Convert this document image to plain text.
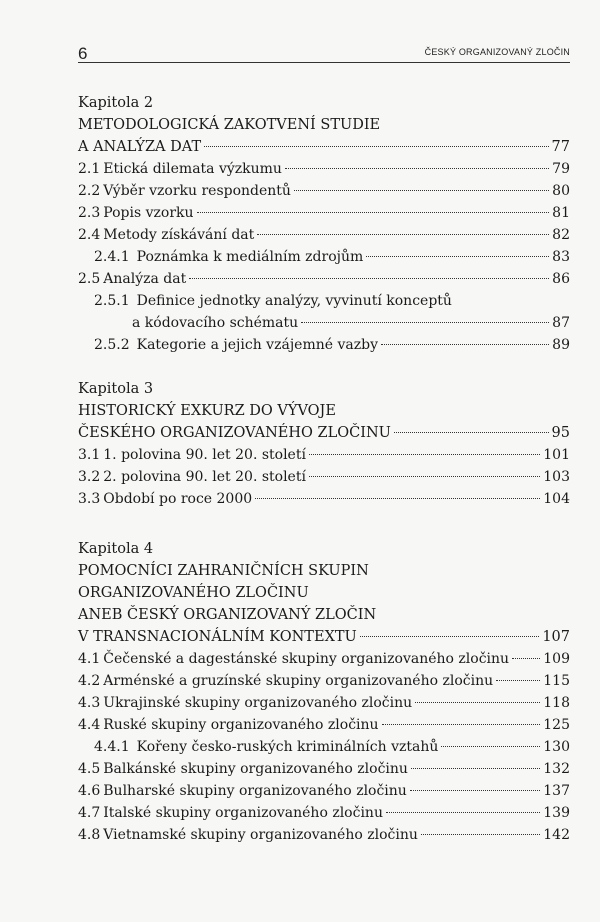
6	ČESKÝ ORGANIZOVANÝ ZLOČIN
Kapitola 2
METODOLOGICKÁ ZAKOTVENÍ STUDIE
A ANALÝZA DAT	77
2.1 Etická dilemata výzkumu	79
2.2 Výběr vzorku respondentů	80
2.3 Popis vzorku	81
2.4 Metody získávání dat	82
2.4.1 Poznámka k mediálním zdrojům	83
2.5 Analýza dat	86
2.5.1 Definice jednotky analýzy, vyvinutí konceptů
a kódovacího schématu	87
2.5.2 Kategorie a jejich vzájemné vazby	89
Kapitola 3
HISTORICKÝ EXKURZ DO VÝVOJE
ČESKÉHO ORGANIZOVANÉHO ZLOČINU	95
3.1 1. polovina 90. let 20. století	101
3.2 2. polovina 90. let 20. století	103
3.3 Období po roce 2000	104
Kapitola 4
POMOCNÍCI ZAHRANIČNÍCH SKUPIN
ORGANIZOVANÉHO ZLOČINU
ANEB ČESKÝ ORGANIZOVANÝ ZLOČIN
V TRANSNACIONÁLNÍM KONTEXTU	107
4.1 Čečenské a dagestánské skupiny organizovaného zločinu 109
4.2 Arménské a gruzínské skupiny organizovaného zločinu	115
4.3 Ukrajinské skupiny organizovaného zločinu	118
4.4 Ruské skupiny organizovaného zločinu	125
4.4.1 Kořeny česko-ruských kriminálních vztahů	130
4.5 Balkánské skupiny organizovaného zločinu	132
4.6 Bulharské skupiny organizovaného zločinu	137
4.7 Italské skupiny organizovaného zločinu	139
4.8 Vietnamské skupiny organizovaného zločinu	142
